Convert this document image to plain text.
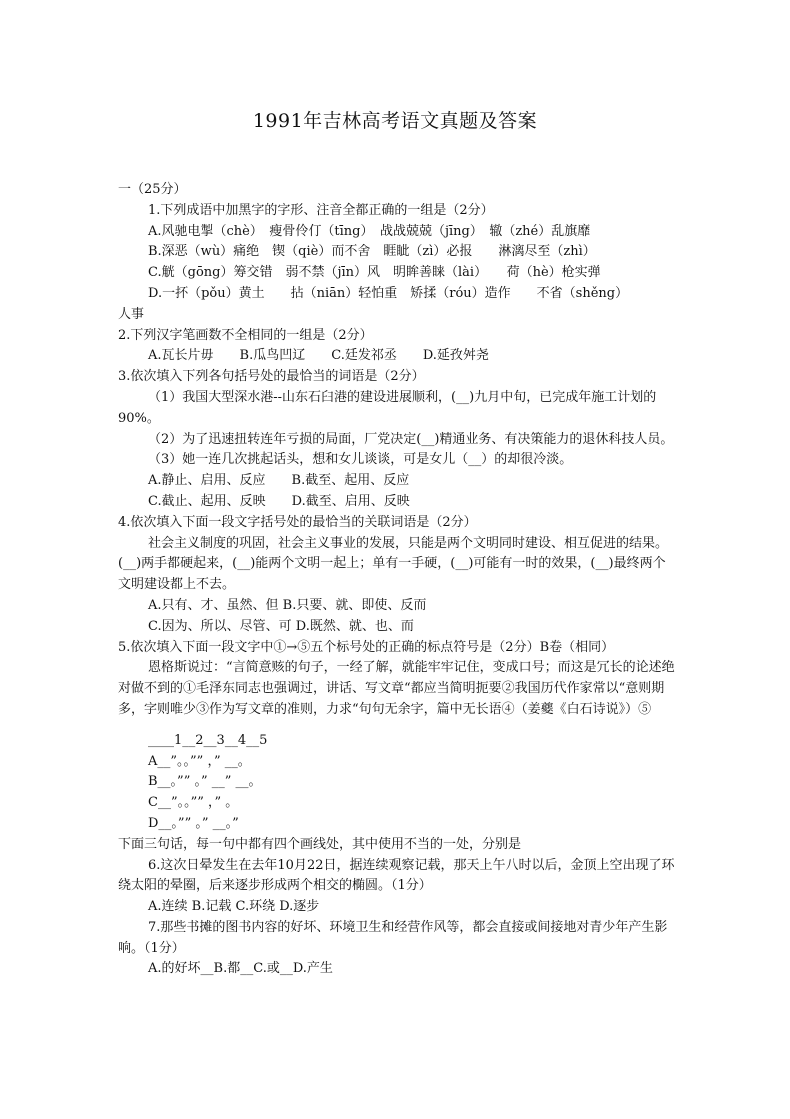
1991年吉林高考语文真题及答案
一（25分）
1.下列成语中加黑字的字形、注音全都正确的一组是（2分）
A.风驰电掣（chè）　瘦骨伶仃（tīng）　战战兢兢（jīng）　辙（zhé）乱旗靡
B.深恶（wù）痛绝　锲（qiè）而不舍　睚眦（zì）必报　　淋漓尽至（zhì）
C.觥（gōng）筹交错　弱不禁（jīn）风　明眸善睐（lài）　　荷（hè）枪实弹
D.一抔（pǒu）黄土　　拈（niān）轻怕重　矫揉（róu）造作　　不省（shěng）
人事
2.下列汉字笔画数不全相同的一组是（2分）
A.瓦长片毋　　B.瓜鸟凹辽　　C.廷发祁丞　　D.延孜舛尧
3.依次填入下列各句括号处的最恰当的词语是（2分）
（1）我国大型深水港--山东石臼港的建设进展顺利，(__)九月中旬，已完成年施工计划的90%。
（2）为了迅速扭转连年亏损的局面，厂党决定(__)精通业务、有决策能力的退休科技人员。
（3）她一连几次挑起话头，想和女儿谈谈，可是女儿（__）的却很冷淡。
A.静止、启用、反应　　B.截至、起用、反应
C.截止、起用、反映　　D.截至、启用、反映
4.依次填入下面一段文字括号处的最恰当的关联词语是（2分）
社会主义制度的巩固，社会主义事业的发展，只能是两个文明同时建设、相互促进的结果。(__)两手都硬起来，(__)能两个文明一起上；单有一手硬，(__)可能有一时的效果，(__)最终两个文明建设都上不去。
A.只有、才、虽然、但 B.只要、就、即使、反而
C.因为、所以、尽管、可 D.既然、就、也、而
5.依次填入下面一段文字中①→⑤五个标号处的正确的标点符号是（2分）B卷（相同）
恩格斯说过：“言简意赅的句子，一经了解，就能牢牢记住，变成口号；而这是冗长的论述绝对做不到的①毛泽东同志也强调过，讲话、写文章“都应当简明扼要②我国历代作家常以“意则期多，字则唯少③作为写文章的准则，力求“句句无余字，篇中无长语④（姜夔《白石诗说》）⑤
____1__2__3__4__5
A__”。。”” ，” __。
B__。”” 。” __” __。
C__”。。”” ，” 。
D__。”” 。” __。”
下面三句话，每一句中都有四个画线处，其中使用不当的一处，分别是
6.这次日晕发生在去年10月22日，据连续观察记载，那天上午八时以后，金顶上空出现了环绕太阳的晕圈，后来逐步形成两个相交的椭圆。（1分）
A.连续 B.记载 C.环绕 D.逐步
7.那些书摊的图书内容的好坏、环境卫生和经营作风等，都会直接或间接地对青少年产生影响。（1分）
A.的好坏__B.都__C.或__D.产生
